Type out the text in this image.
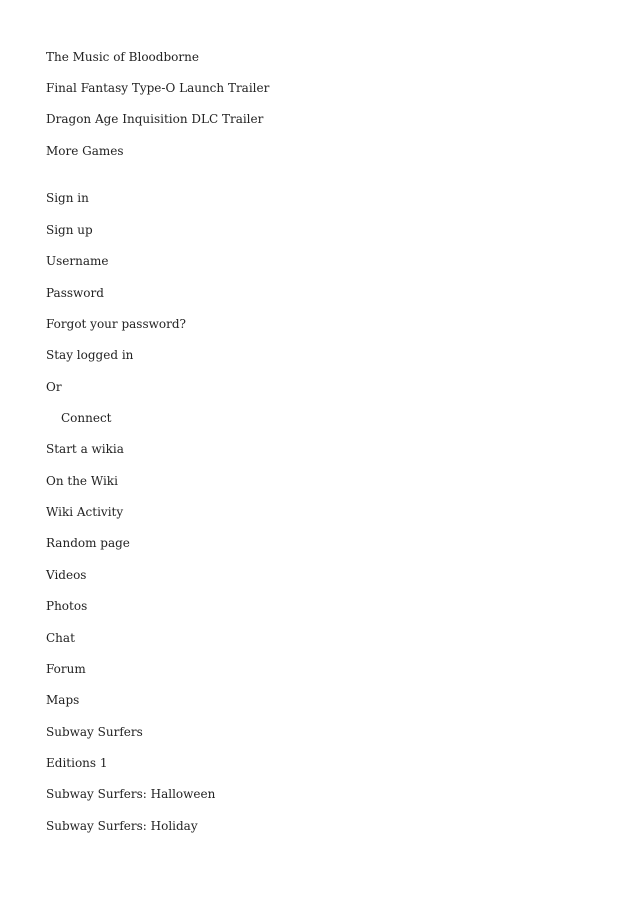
The Music of Bloodborne
Final Fantasy Type-O Launch Trailer
Dragon Age Inquisition DLC Trailer
More Games
Sign in
Sign up
Username
Password
Forgot your password?
Stay logged in
Or
Connect
Start a wikia
On the Wiki
Wiki Activity
Random page
Videos
Photos
Chat
Forum
Maps
Subway Surfers
Editions 1
Subway Surfers: Halloween
Subway Surfers: Holiday
